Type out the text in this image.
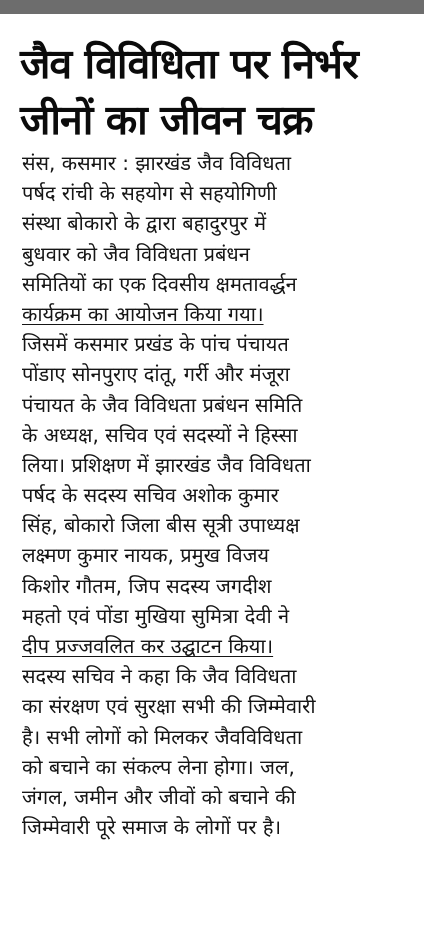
जैव विविधिता पर निर्भर
जीनों का जीवन चक्र
संस, कसमार : झारखंड जैव विविधता
पर्षद रांची के सहयोग से सहयोगिणी
संस्था बोकारो के द्वारा बहादुरपुर में
बुधवार को जैव विविधता प्रबंधन
समितियों का एक दिवसीय क्षमतावर्द्धन
कार्यक्रम का आयोजन किया गया।
जिसमें कसमार प्रखंड के पांच पंचायत
पोंडाए सोनपुराए दांतू, गर्री और मंजूरा
पंचायत के जैव विविधता प्रबंधन समिति
के अध्यक्ष, सचिव एवं सदस्यों ने हिस्सा
लिया। प्रशिक्षण में झारखंड जैव विविधता
पर्षद के सदस्य सचिव अशोक कुमार
सिंह, बोकारो जिला बीस सूत्री उपाध्यक्ष
लक्ष्मण कुमार नायक, प्रमुख विजय
किशोर गौतम, जिप सदस्य जगदीश
महतो एवं पोंडा मुखिया सुमित्रा देवी ने
दीप प्रज्जवलित कर उद्घाटन किया।
सदस्य सचिव ने कहा कि जैव विविधता
का संरक्षण एवं सुरक्षा सभी की जिम्मेवारी
है। सभी लोगों को मिलकर जैवविविधता
को बचाने का संकल्प लेना होगा। जल,
जंगल, जमीन और जीवों को बचाने की
जिम्मेवारी पूरे समाज के लोगों पर है।
